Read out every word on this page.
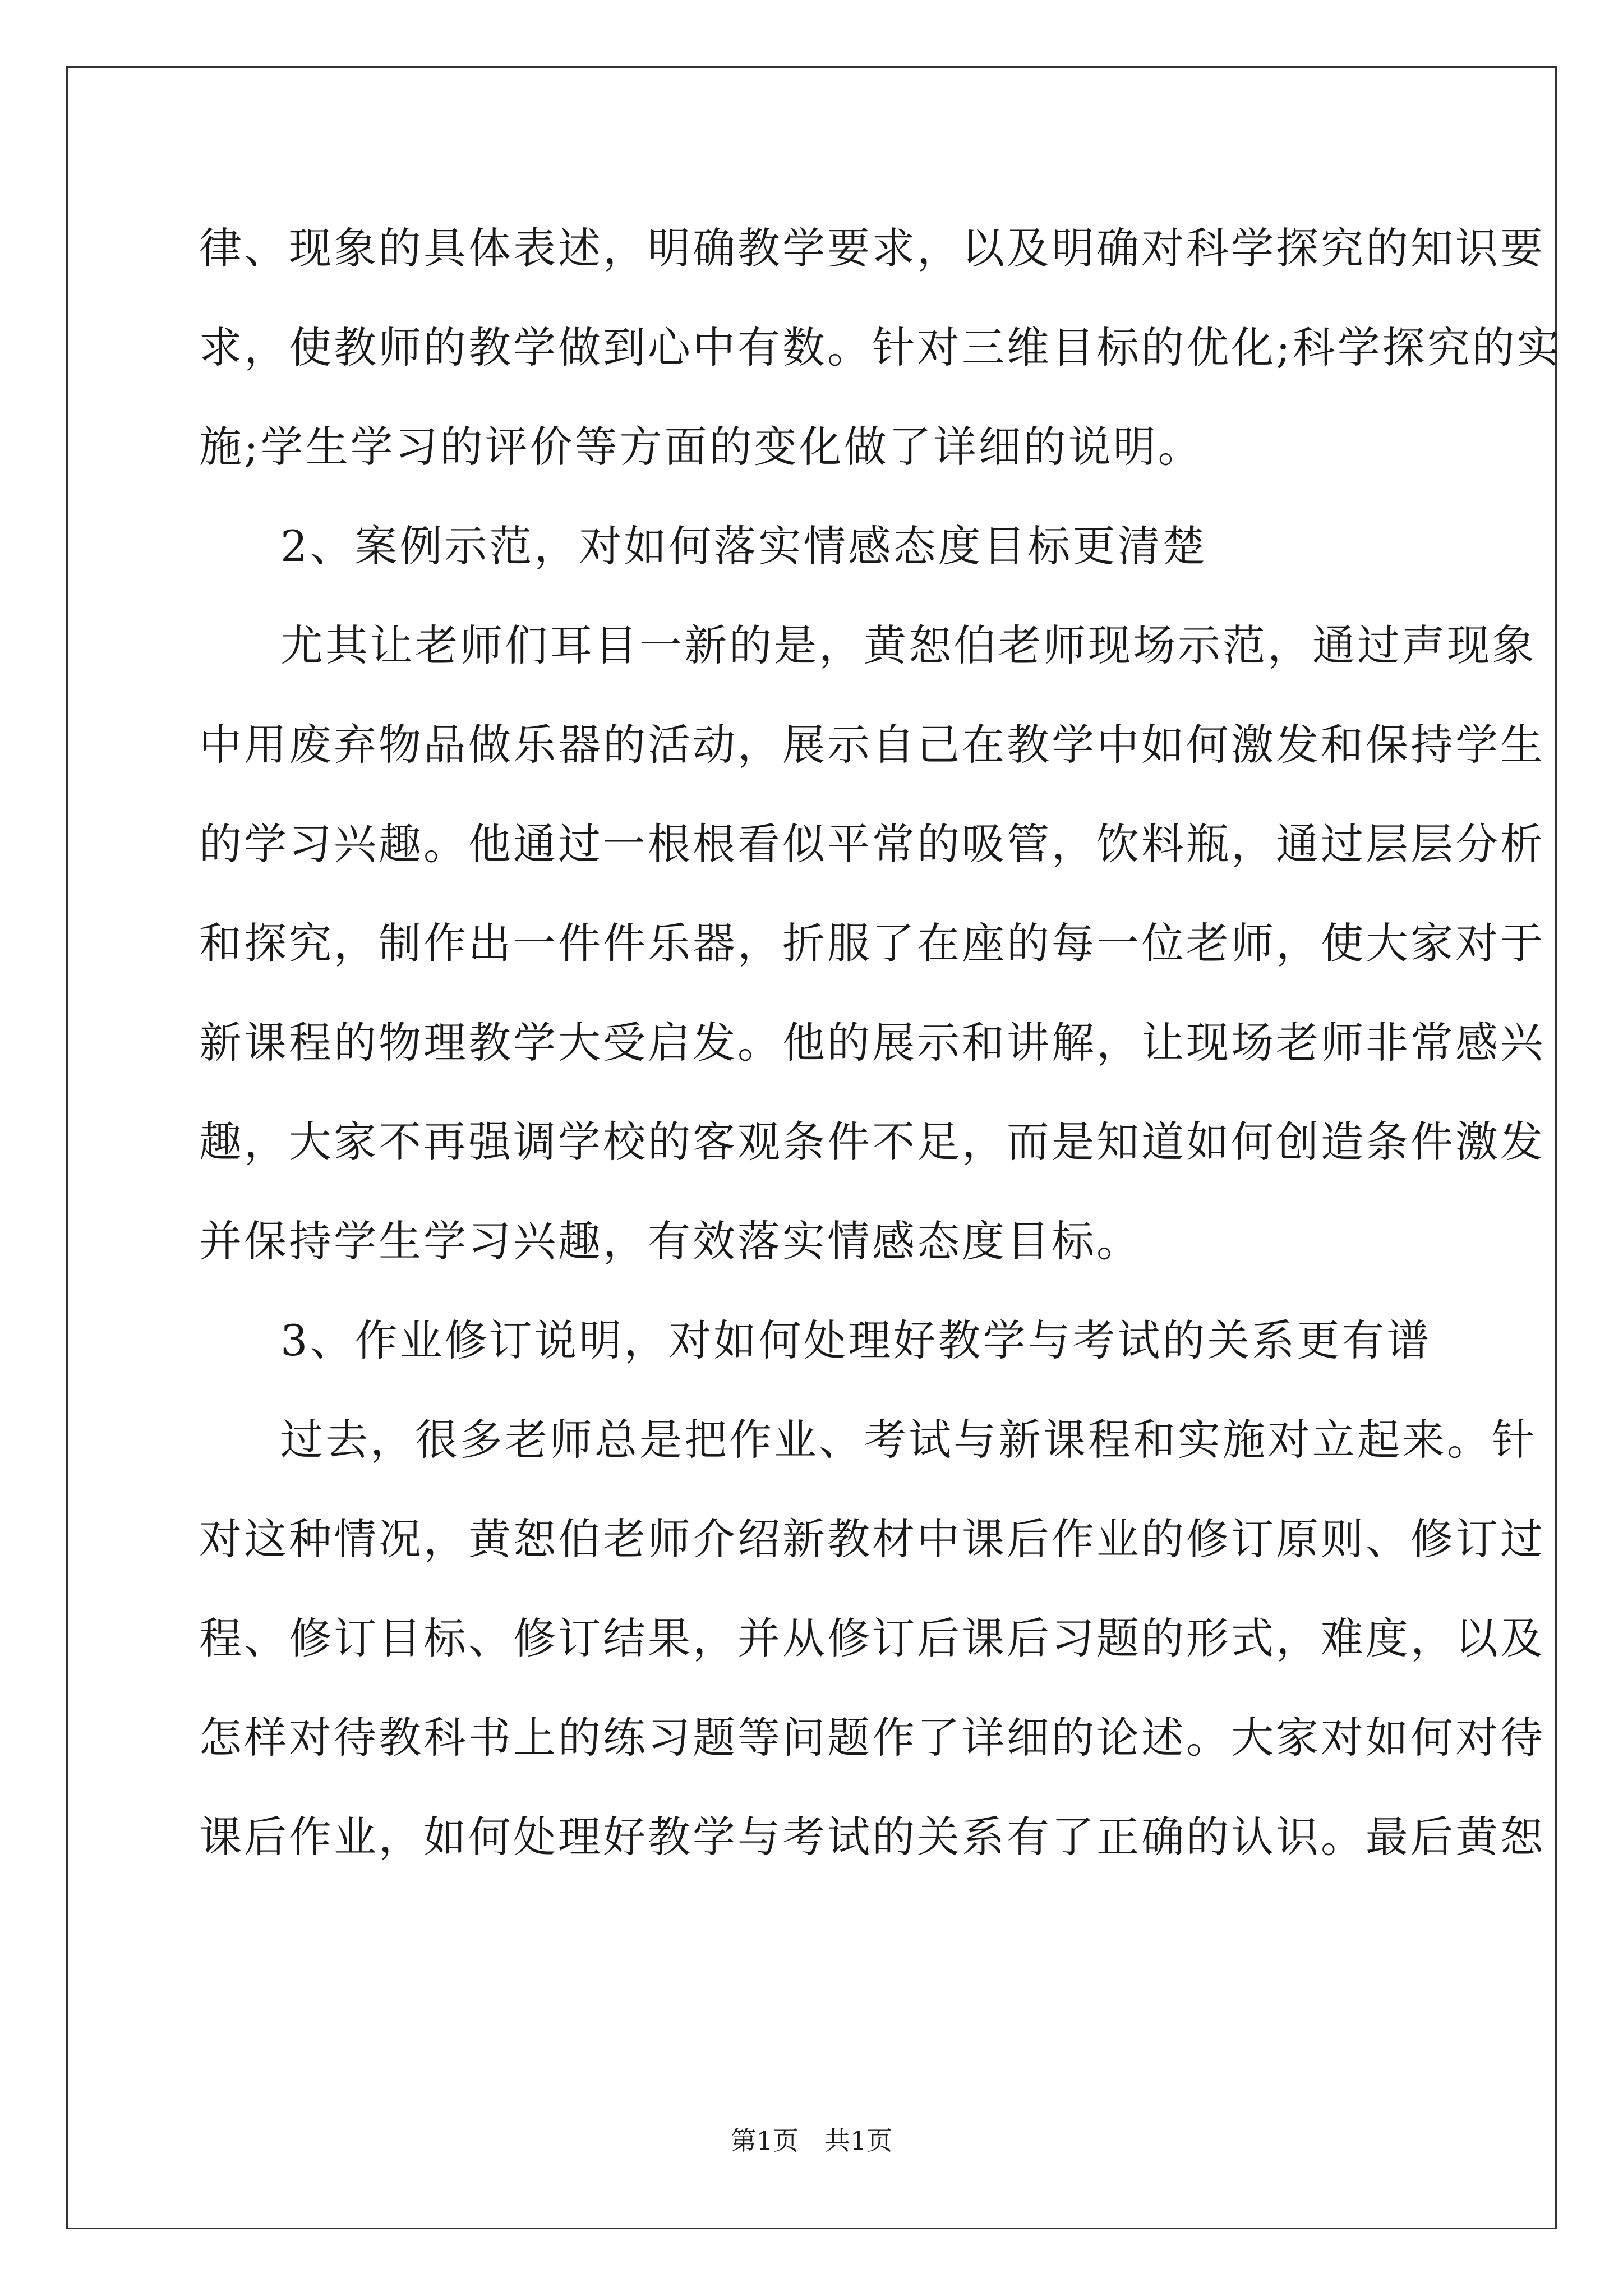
律、现象的具体表述，明确教学要求，以及明确对科学探究的知识要
求，使教师的教学做到心中有数。针对三维目标的优化;科学探究的实
施;学生学习的评价等方面的变化做了详细的说明。
2、案例示范，对如何落实情感态度目标更清楚
尤其让老师们耳目一新的是，黄恕伯老师现场示范，通过声现象
中用废弃物品做乐器的活动，展示自己在教学中如何激发和保持学生
的学习兴趣。他通过一根根看似平常的吸管，饮料瓶，通过层层分析
和探究，制作出一件件乐器，折服了在座的每一位老师，使大家对于
新课程的物理教学大受启发。他的展示和讲解，让现场老师非常感兴
趣，大家不再强调学校的客观条件不足，而是知道如何创造条件激发
并保持学生学习兴趣，有效落实情感态度目标。
3、作业修订说明，对如何处理好教学与考试的关系更有谱
过去，很多老师总是把作业、考试与新课程和实施对立起来。针
对这种情况，黄恕伯老师介绍新教材中课后作业的修订原则、修订过
程、修订目标、修订结果，并从修订后课后习题的形式，难度，以及
怎样对待教科书上的练习题等问题作了详细的论述。大家对如何对待
课后作业，如何处理好教学与考试的关系有了正确的认识。最后黄恕
第1页　共1页
